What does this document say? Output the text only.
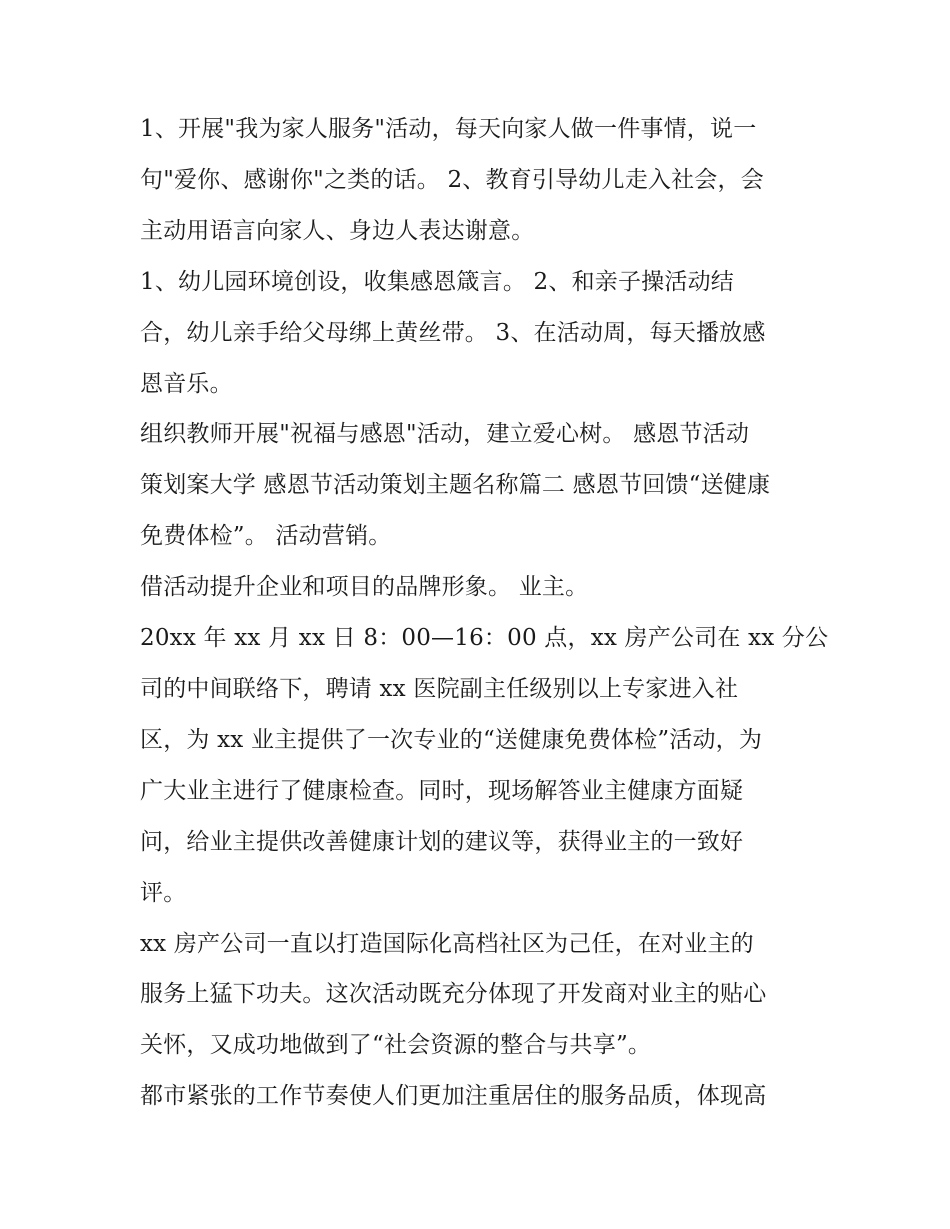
1、开展"我为家人服务"活动，每天向家人做一件事情，说一
句"爱你、感谢你"之类的话。 2、教育引导幼儿走入社会，会
主动用语言向家人、身边人表达谢意。

1、幼儿园环境创设，收集感恩箴言。 2、和亲子操活动结
合，幼儿亲手给父母绑上黄丝带。 3、在活动周，每天播放感
恩音乐。

组织教师开展"祝福与感恩"活动，建立爱心树。 感恩节活动
策划案大学 感恩节活动策划主题名称篇二 感恩节回馈“送健康
免费体检”。 活动营销。

借活动提升企业和项目的品牌形象。 业主。

20xx 年 xx 月 xx 日 8：00—16：00 点，xx 房产公司在 xx 分公
司的中间联络下，聘请 xx 医院副主任级别以上专家进入社
区，为 xx 业主提供了一次专业的“送健康免费体检”活动，为
广大业主进行了健康检查。同时，现场解答业主健康方面疑
问，给业主提供改善健康计划的建议等，获得业主的一致好
评。

xx 房产公司一直以打造国际化高档社区为己任，在对业主的
服务上猛下功夫。这次活动既充分体现了开发商对业主的贴心
关怀，又成功地做到了“社会资源的整合与共享”。

都市紧张的工作节奏使人们更加注重居住的服务品质，体现高
